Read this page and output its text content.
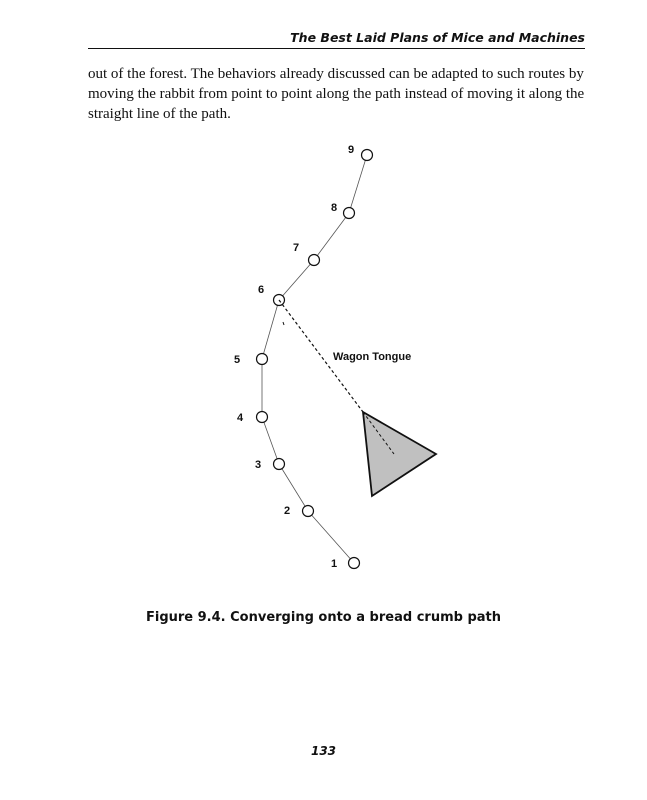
The Best Laid Plans of Mice and Machines

out of the forest. The behaviors already discussed can be adapted to such routes by
moving the rabbit from point to point along the path instead of moving it along the
straight line of the path.

1
2
3
4
5
6
7
8
9
Wagon Tongue
Figure 9.4. Converging onto a bread crumb path
133
